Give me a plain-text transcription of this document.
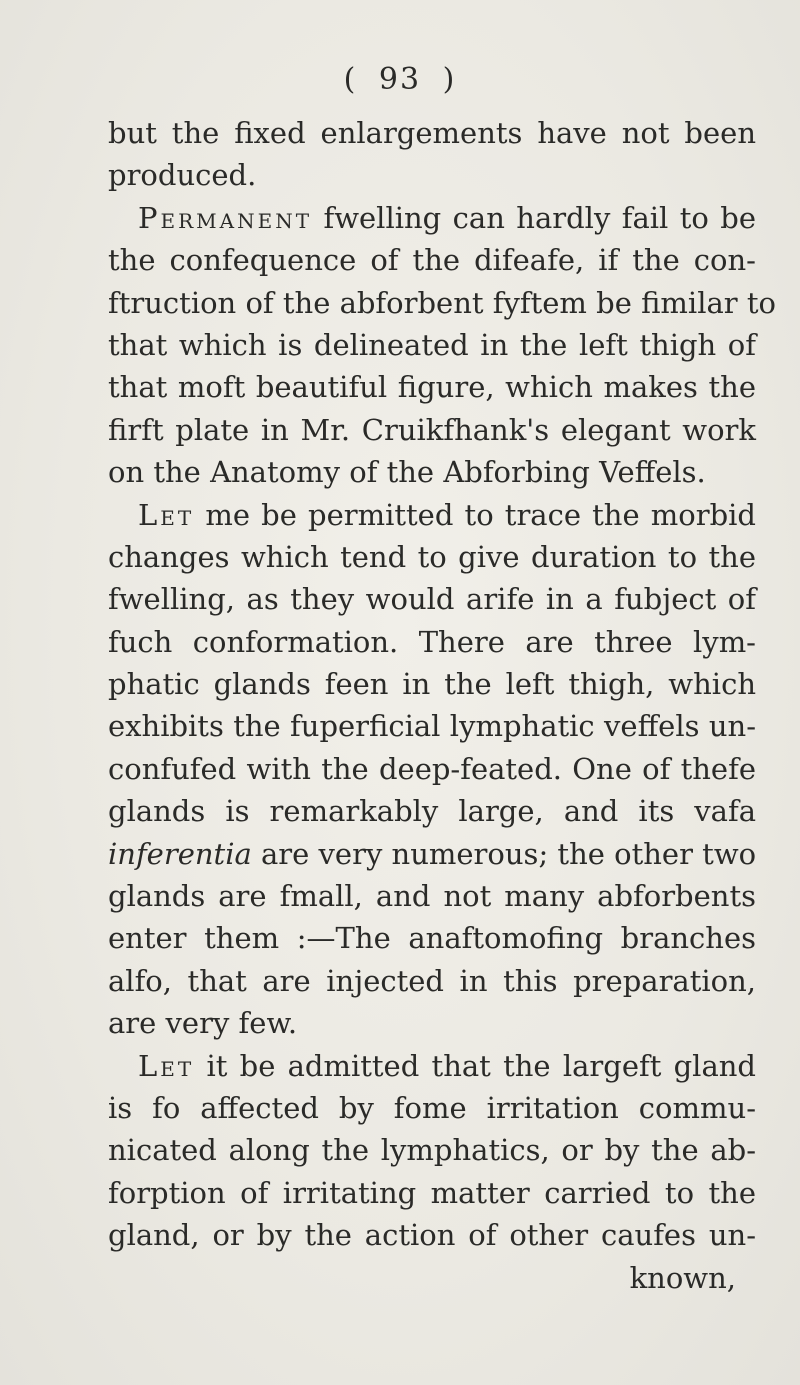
( 93 )
but the fixed enlargements have not been
produced.
Permanent fwelling can hardly fail to be
the confequence of the difeafe, if the con-
ftruction of the abforbent fyftem be fimilar to
that which is delineated in the left thigh of
that moft beautiful figure, which makes the
firft plate in Mr. Cruikfhank's elegant work
on the Anatomy of the Abforbing Veffels.
Let me be permitted to trace the morbid
changes which tend to give duration to the
fwelling, as they would arife in a fubject of
fuch conformation. There are three lym-
phatic glands feen in the left thigh, which
exhibits the fuperficial lymphatic veffels un-
confufed with the deep-feated. One of thefe
glands is remarkably large, and its vafa
inferentia are very numerous; the other two
glands are fmall, and not many abforbents
enter them :—The anaftomofing branches
alfo, that are injected in this preparation,
are very few.
Let it be admitted that the largeft gland
is fo affected by fome irritation commu-
nicated along the lymphatics, or by the ab-
forption of irritating matter carried to the
gland, or by the action of other caufes un-
known,
